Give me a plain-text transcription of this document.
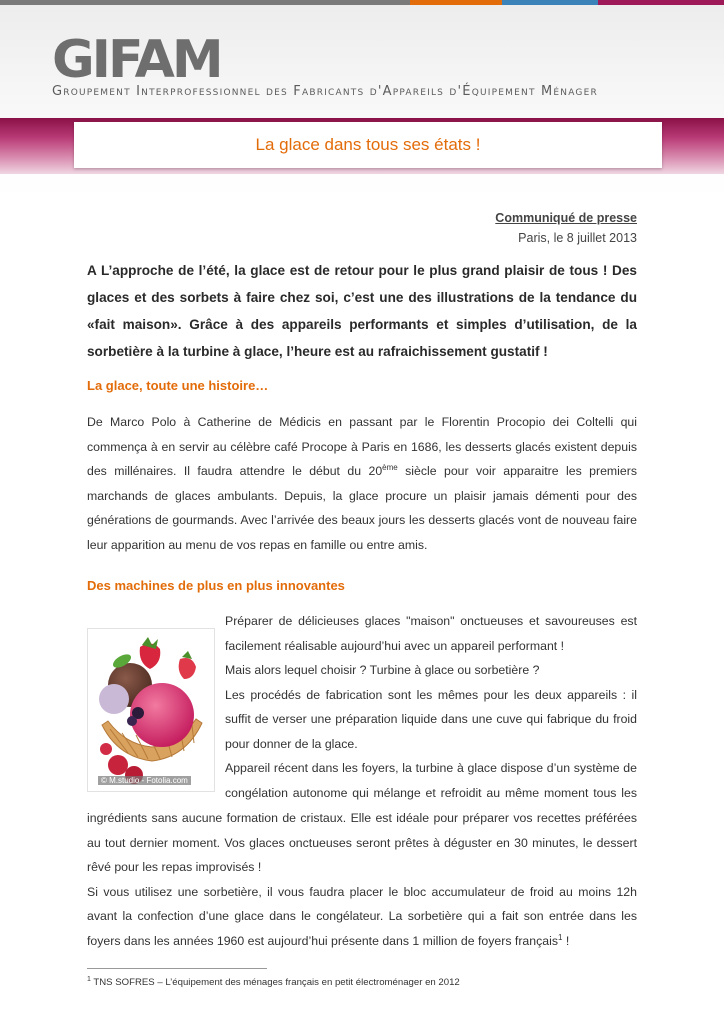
GIFAM
Groupement Interprofessionnel des Fabricants d'Appareils d'Équipement Ménager
La glace dans tous ses états !
Communiqué de presse
Paris, le 8 juillet 2013
A L’approche de l’été, la glace est de retour pour le plus grand plaisir de tous ! Des glaces et des sorbets à faire chez soi, c’est une des illustrations de la tendance du «fait maison». Grâce à des appareils performants et simples d’utilisation, de la sorbetière à la turbine à glace, l’heure est au rafraichissement gustatif !
La glace, toute une histoire…
De Marco Polo à Catherine de Médicis en passant par le Florentin Procopio dei Coltelli qui commença à en servir au célèbre café Procope à Paris en 1686, les desserts glacés existent depuis des millénaires. Il faudra attendre le début du 20ème siècle pour voir apparaitre les premiers marchands de glaces ambulants. Depuis, la glace procure un plaisir jamais démenti pour des générations de gourmands. Avec l’arrivée des beaux jours les desserts glacés vont de nouveau faire leur apparition au menu de vos repas en famille ou entre amis.
Des machines de plus en plus innovantes
© M.studio - Fotolia.com

Préparer de délicieuses glaces "maison" onctueuses et savoureuses est facilement réalisable aujourd’hui avec un appareil performant !

Mais alors lequel choisir ? Turbine à glace ou sorbetière ?

Les procédés de fabrication sont les mêmes pour les deux appareils : il suffit de verser une préparation liquide dans une cuve qui fabrique du froid pour donner de la glace.

Appareil récent dans les foyers, la turbine à glace dispose d’un système de congélation autonome qui mélange et refroidit au même moment tous les

ingrédients sans aucune formation de cristaux. Elle est idéale pour préparer vos recettes préférées au tout dernier moment. Vos glaces onctueuses seront prêtes à déguster en 30 minutes, le dessert rêvé pour les repas improvisés !

Si vous utilisez une sorbetière, il vous faudra placer le bloc accumulateur de froid au moins 12h avant la confection d’une glace dans le congélateur. La sorbetière qui a fait son entrée dans les foyers dans les années 1960 est aujourd’hui présente dans 1 million de foyers français$^1$ !

$^1$ TNS SOFRES – L’équipement des ménages français en petit électroménager en 2012
